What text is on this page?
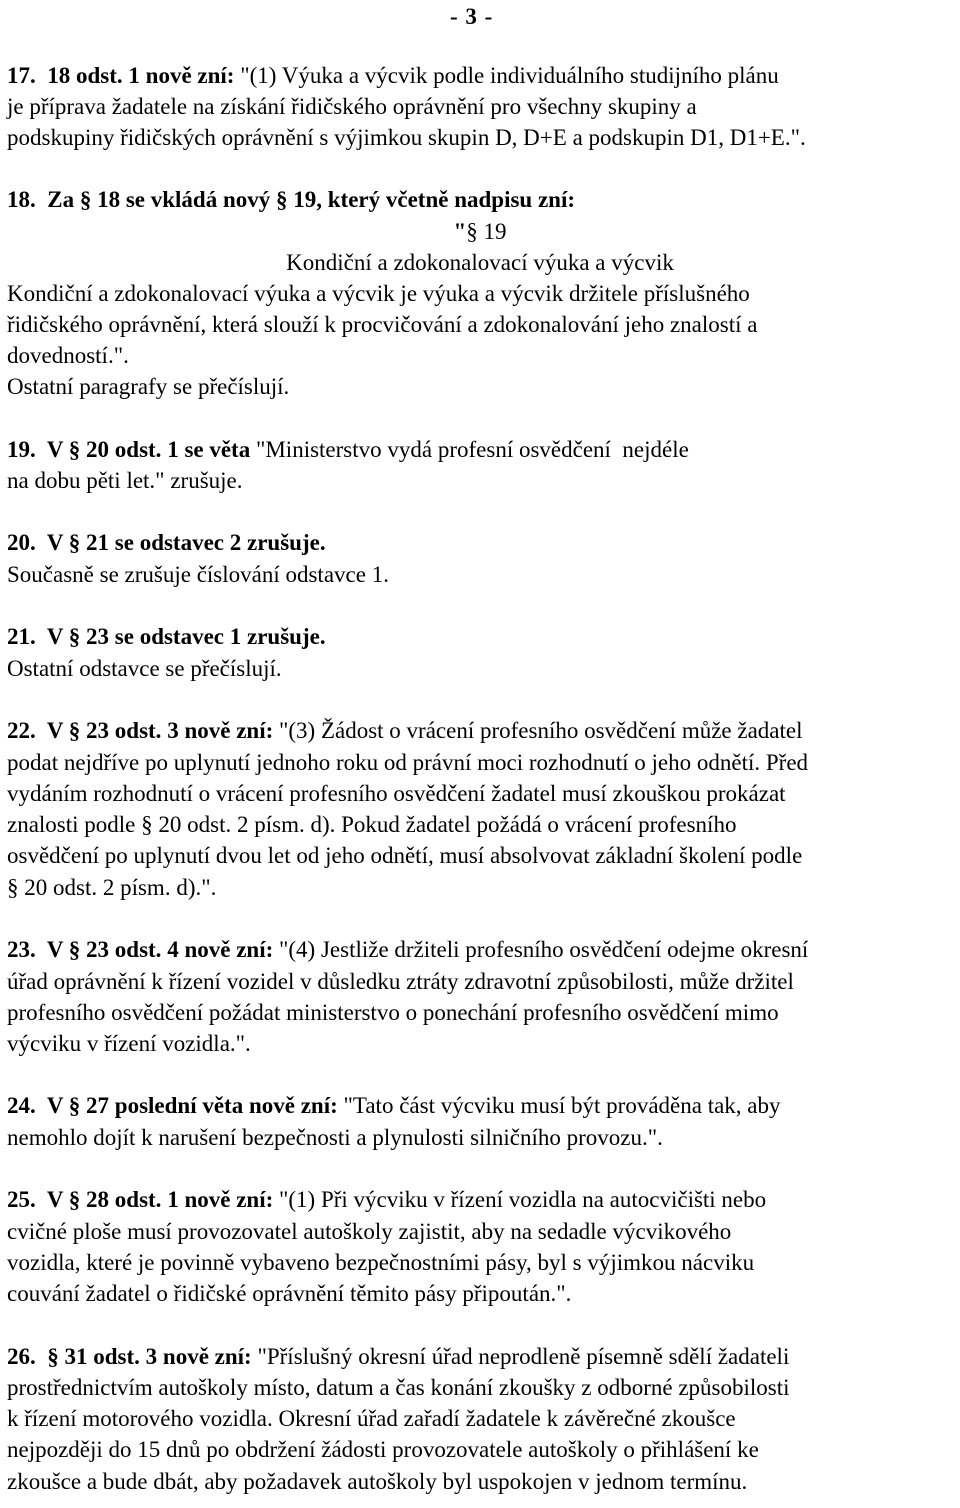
- 3 -
17.  18 odst. 1 nově zní: "(1) Výuka a výcvik podle individuálního studijního plánu
je příprava žadatele na získání řidičského oprávnění pro všechny skupiny a
podskupiny řidičských oprávnění s výjimkou skupin D, D+E a podskupin D1, D1+E.".
18.  Za § 18 se vkládá nový § 19, který včetně nadpisu zní:
"§ 19
Kondiční a zdokonalovací výuka a výcvik
Kondiční a zdokonalovací výuka a výcvik je výuka a výcvik držitele příslušného
řidičského oprávnění, která slouží k procvičování a zdokonalování jeho znalostí a
dovedností.".
Ostatní paragrafy se přečíslují.
19.  V § 20 odst. 1 se věta "Ministerstvo vydá profesní osvědčení  nejdéle
na dobu pěti let." zrušuje.
20.  V § 21 se odstavec 2 zrušuje.
Současně se zrušuje číslování odstavce 1.
21.  V § 23 se odstavec 1 zrušuje.
Ostatní odstavce se přečíslují.
22.  V § 23 odst. 3 nově zní: "(3) Žádost o vrácení profesního osvědčení může žadatel
podat nejdříve po uplynutí jednoho roku od právní moci rozhodnutí o jeho odnětí. Před
vydáním rozhodnutí o vrácení profesního osvědčení žadatel musí zkouškou prokázat
znalosti podle § 20 odst. 2 písm. d). Pokud žadatel požádá o vrácení profesního
osvědčení po uplynutí dvou let od jeho odnětí, musí absolvovat základní školení podle
§ 20 odst. 2 písm. d).".
23.  V § 23 odst. 4 nově zní: "(4) Jestliže držiteli profesního osvědčení odejme okresní
úřad oprávnění k řízení vozidel v důsledku ztráty zdravotní způsobilosti, může držitel
profesního osvědčení požádat ministerstvo o ponechání profesního osvědčení mimo
výcviku v řízení vozidla.".
24.  V § 27 poslední věta nově zní: "Tato část výcviku musí být prováděna tak, aby
nemohlo dojít k narušení bezpečnosti a plynulosti silničního provozu.".
25.  V § 28 odst. 1 nově zní: "(1) Při výcviku v řízení vozidla na autocvičišti nebo
cvičné ploše musí provozovatel autoškoly zajistit, aby na sedadle výcvikového
vozidla, které je povinně vybaveno bezpečnostními pásy, byl s výjimkou nácviku
couvání žadatel o řidičské oprávnění těmito pásy připoután.".
26.  § 31 odst. 3 nově zní: "Příslušný okresní úřad neprodleně písemně sdělí žadateli
prostřednictvím autoškoly místo, datum a čas konání zkoušky z odborné způsobilosti
k řízení motorového vozidla. Okresní úřad zařadí žadatele k závěrečné zkoušce
nejpozději do 15 dnů po obdržení žádosti provozovatele autoškoly o přihlášení ke
zkoušce a bude dbát, aby požadavek autoškoly byl uspokojen v jednom termínu.
